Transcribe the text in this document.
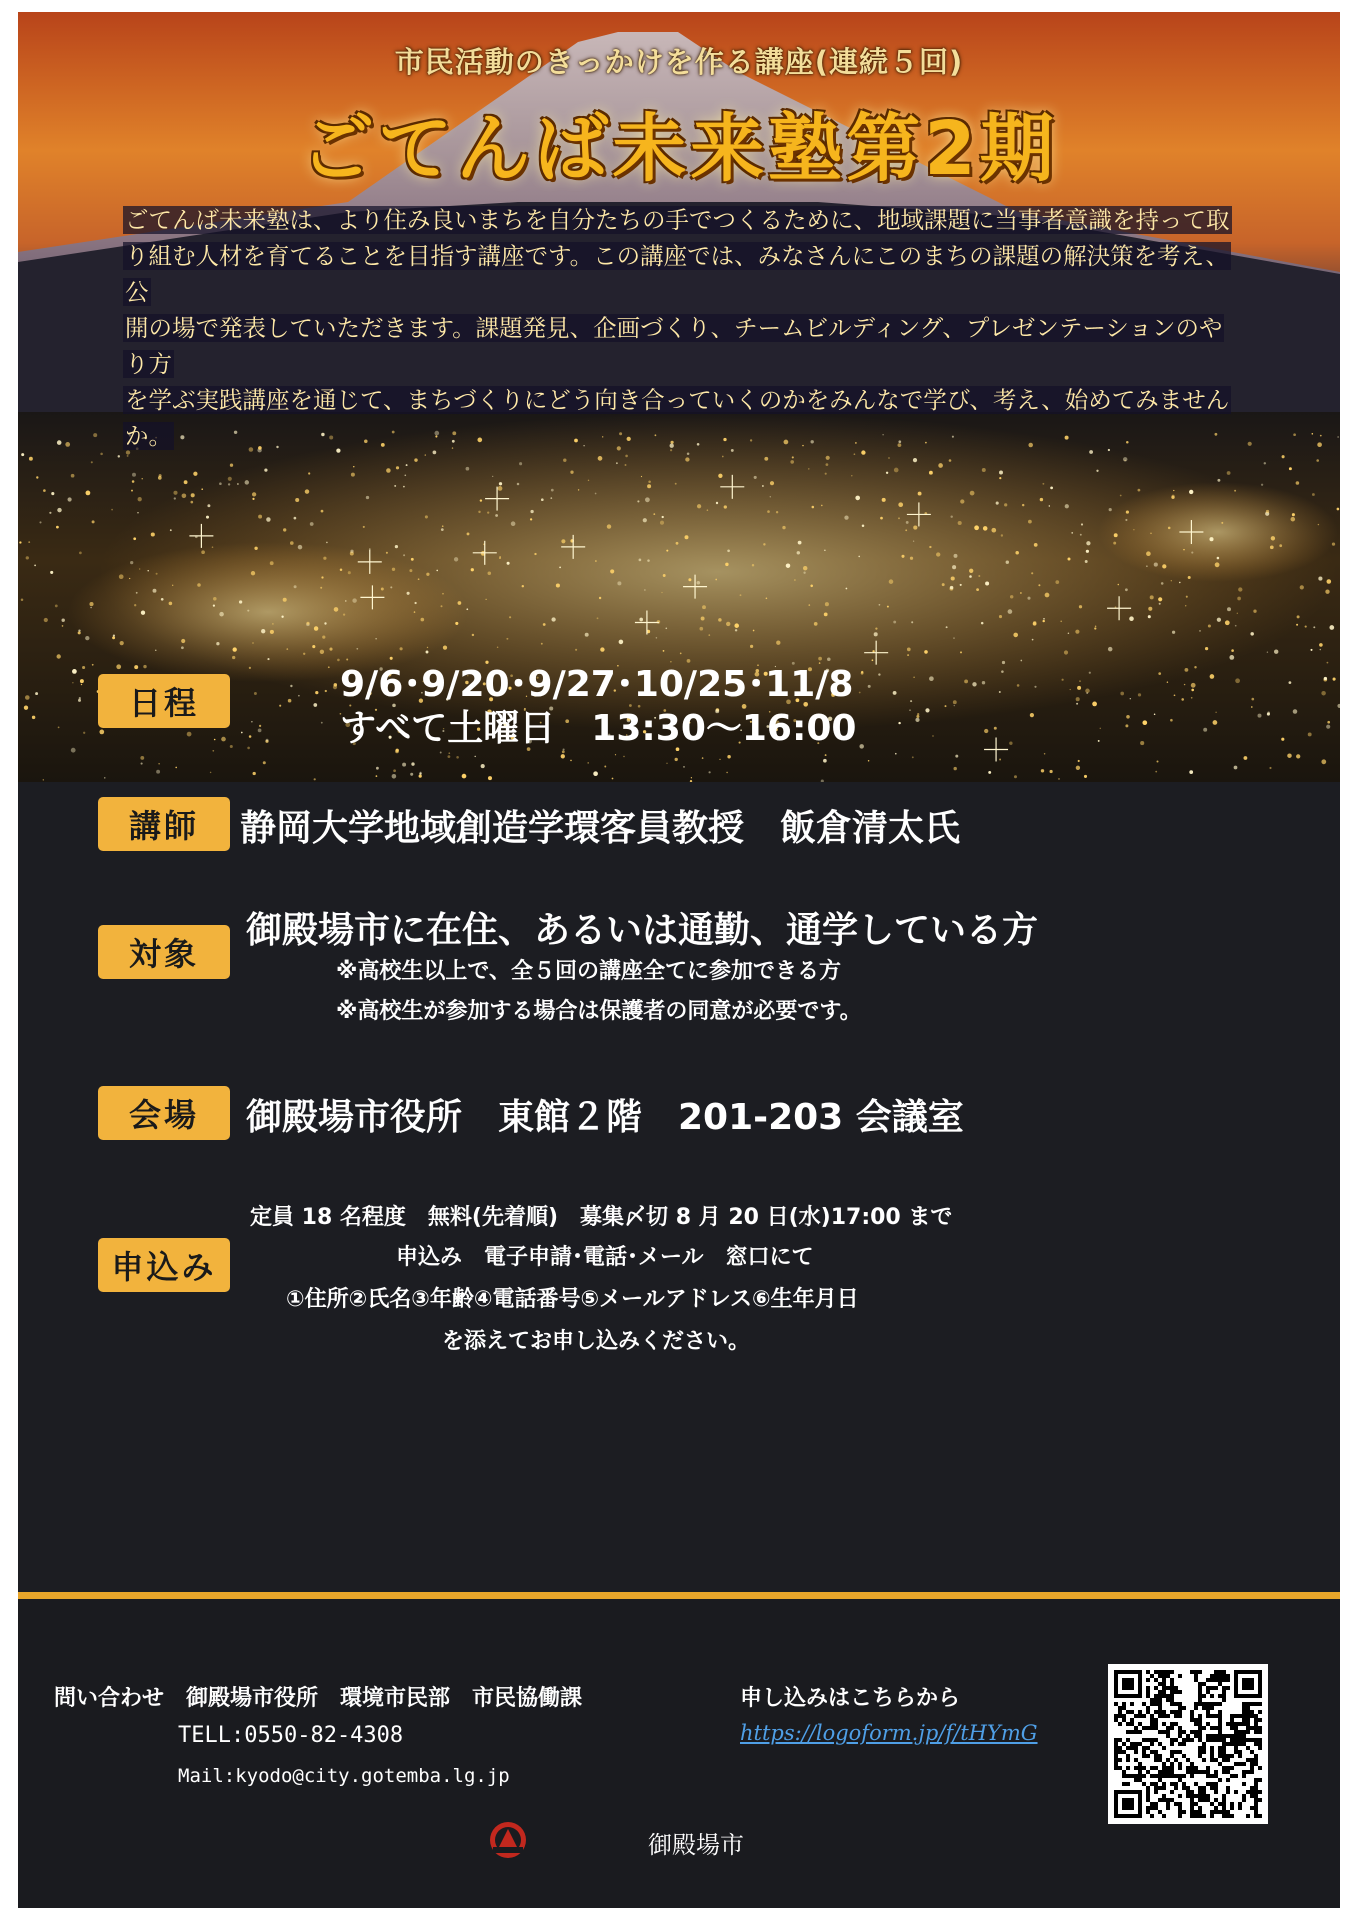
市民活動のきっかけを作る講座(連続５回)
ごてんば未来塾第2期
ごてんば未来塾は、より住み良いまちを自分たちの手でつくるために、地域課題に当事者意識を持って取
り組む人材を育てることを目指す講座です。この講座では、みなさんにこのまちの課題の解決策を考え、公
開の場で発表していただきます。課題発見、企画づくり、チームビルディング、プレゼンテーションのやり方
を学ぶ実践講座を通じて、まちづくりにどう向き合っていくのかをみんなで学び、考え、始めてみませんか。
日程	9/6･9/20･9/27･10/25･11/8
すべて土曜日　13:30～16:00
講師	静岡大学地域創造学環客員教授　飯倉清太氏
対象
御殿場市に在住、あるいは通勤、通学している方
※高校生以上で、全５回の講座全てに参加できる方
※高校生が参加する場合は保護者の同意が必要です。
会場	御殿場市役所　東館２階　201-203 会議室
申込み
定員 18 名程度　無料(先着順)　募集〆切 8 月 20 日(水)17:00 まで
申込み　電子申請･電話･メール　窓口にて
①住所②氏名③年齢④電話番号⑤メールアドレス⑥生年月日
を添えてお申し込みください。
問い合わせ　御殿場市役所　環境市民部　市民協働課
TELL:0550-82-4308
Mail:kyodo@city.gotemba.lg.jp
申し込みはこちらから
https://logoform.jp/f/tHYmG
御殿場市
